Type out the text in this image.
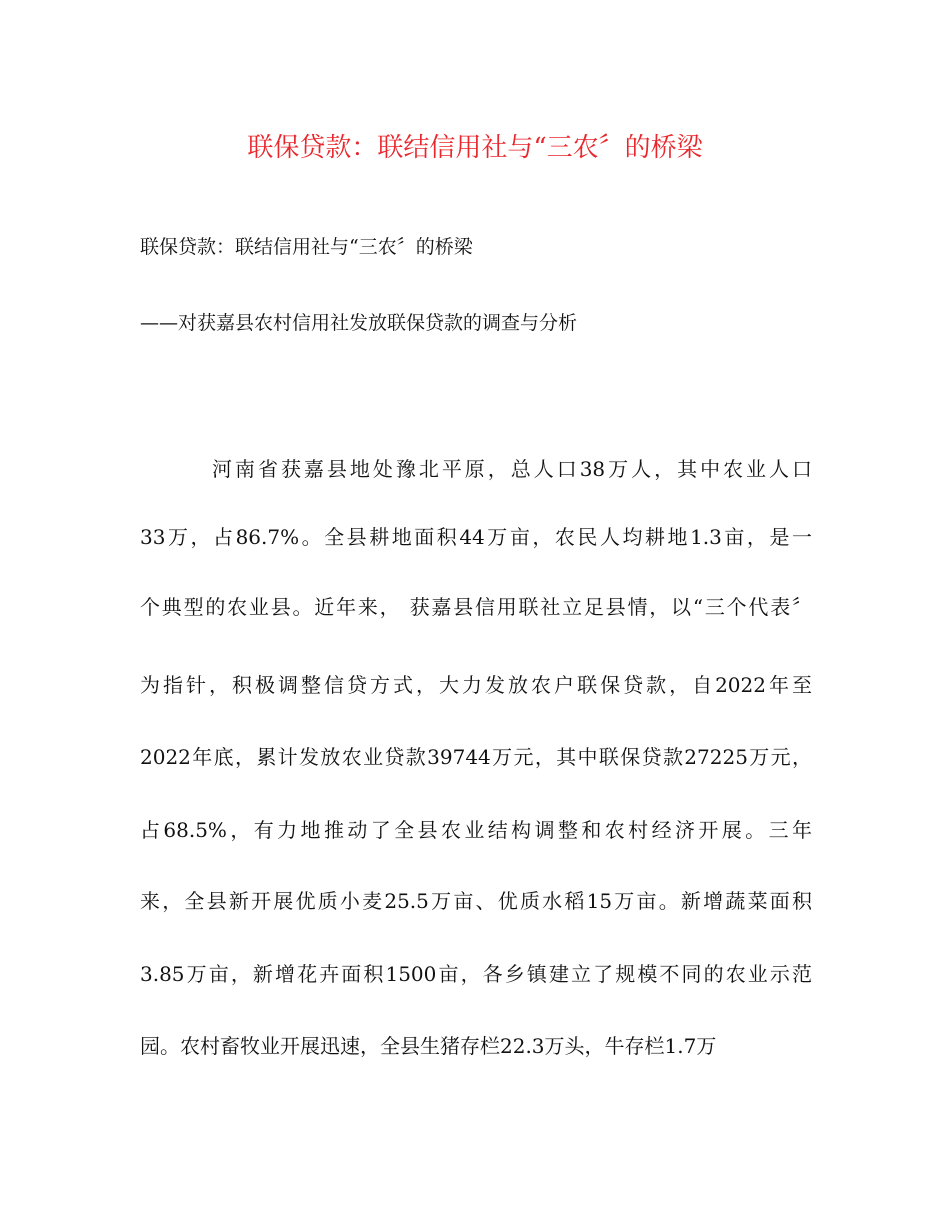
联保贷款：联结信用社与“三农〞的桥梁
联保贷款：联结信用社与“三农〞的桥梁
——对获嘉县农村信用社发放联保贷款的调查与分析
河南省获嘉县地处豫北平原，总人口38万人，其中农业人口
33万，占86.7%。全县耕地面积44万亩，农民人均耕地1.3亩，是一
个典型的农业县。近年来， 获嘉县信用联社立足县情，以“三个代表〞
为指针，积极调整信贷方式，大力发放农户联保贷款，自2022年至
2022年底，累计发放农业贷款39744万元，其中联保贷款27225万元，
占68.5%，有力地推动了全县农业结构调整和农村经济开展。三年
来，全县新开展优质小麦25.5万亩、优质水稻15万亩。新增蔬菜面积
3.85万亩，新增花卉面积1500亩，各乡镇建立了规模不同的农业示范
园。农村畜牧业开展迅速，全县生猪存栏22.3万头，牛存栏1.7万
